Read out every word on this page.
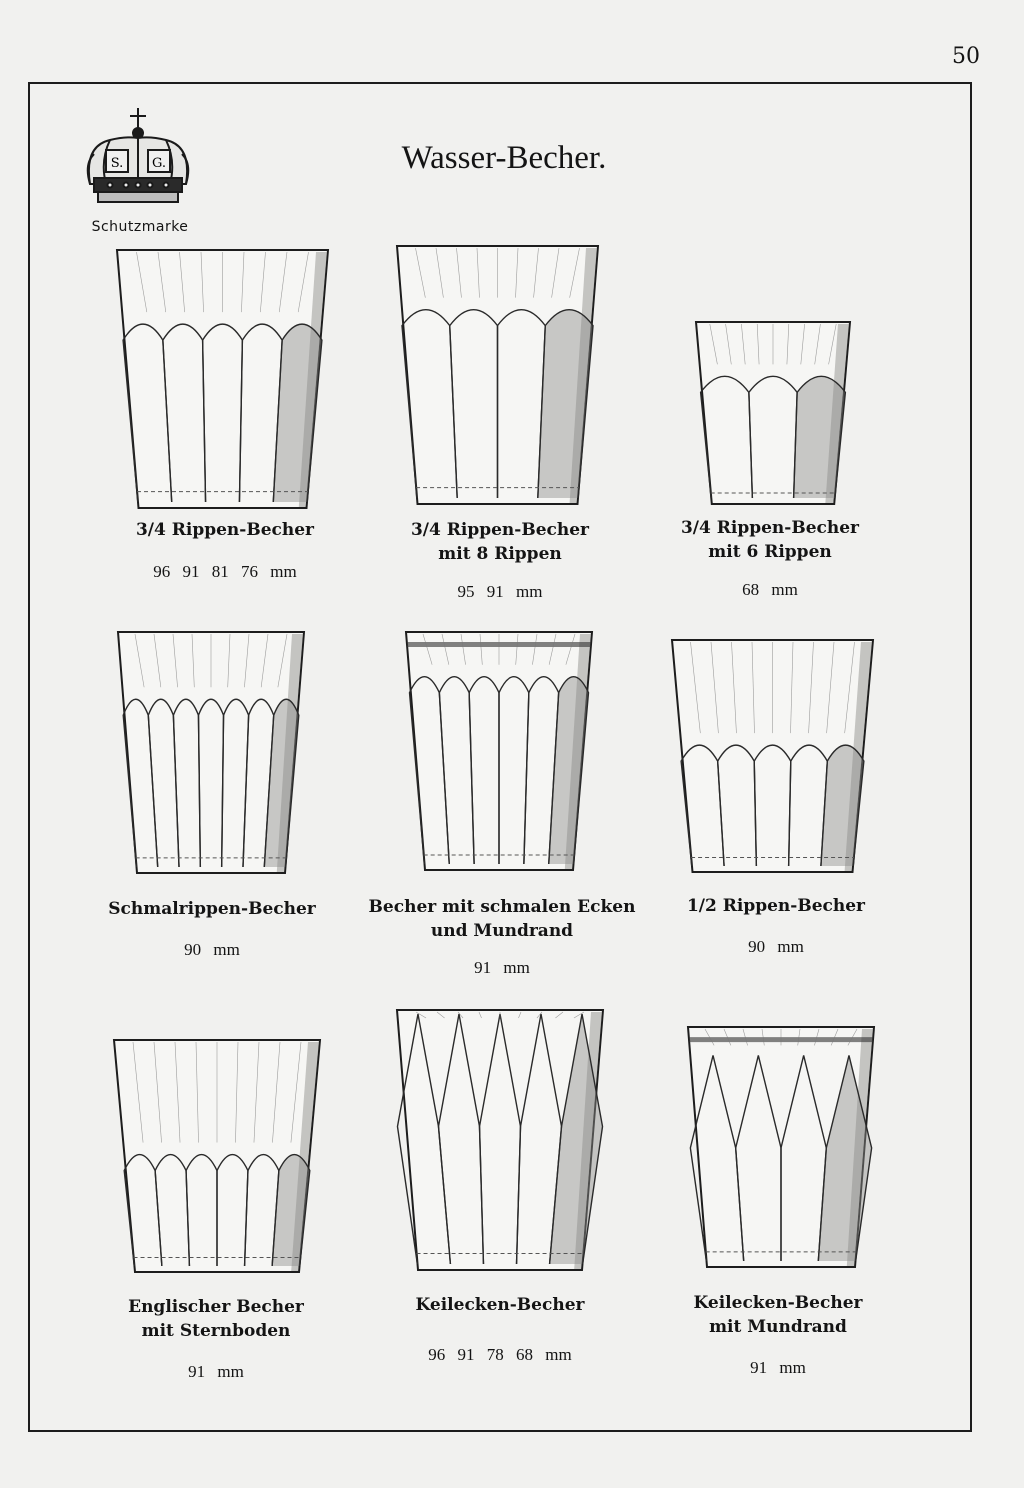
50
S. G.
Schutzmarke
Wasser-Becher.
3/4 Rippen-Becher
96 91 81 76 mm
3/4 Rippen-Becher
mit 8 Rippen
95 91 mm
3/4 Rippen-Becher
mit 6 Rippen
68 mm
Schmalrippen-Becher
90 mm
Becher mit schmalen Ecken
und Mundrand
91 mm
1/2 Rippen-Becher
90 mm
Englischer Becher
mit Sternboden
91 mm
Keilecken-Becher
96 91 78 68 mm
Keilecken-Becher
mit Mundrand
91 mm
